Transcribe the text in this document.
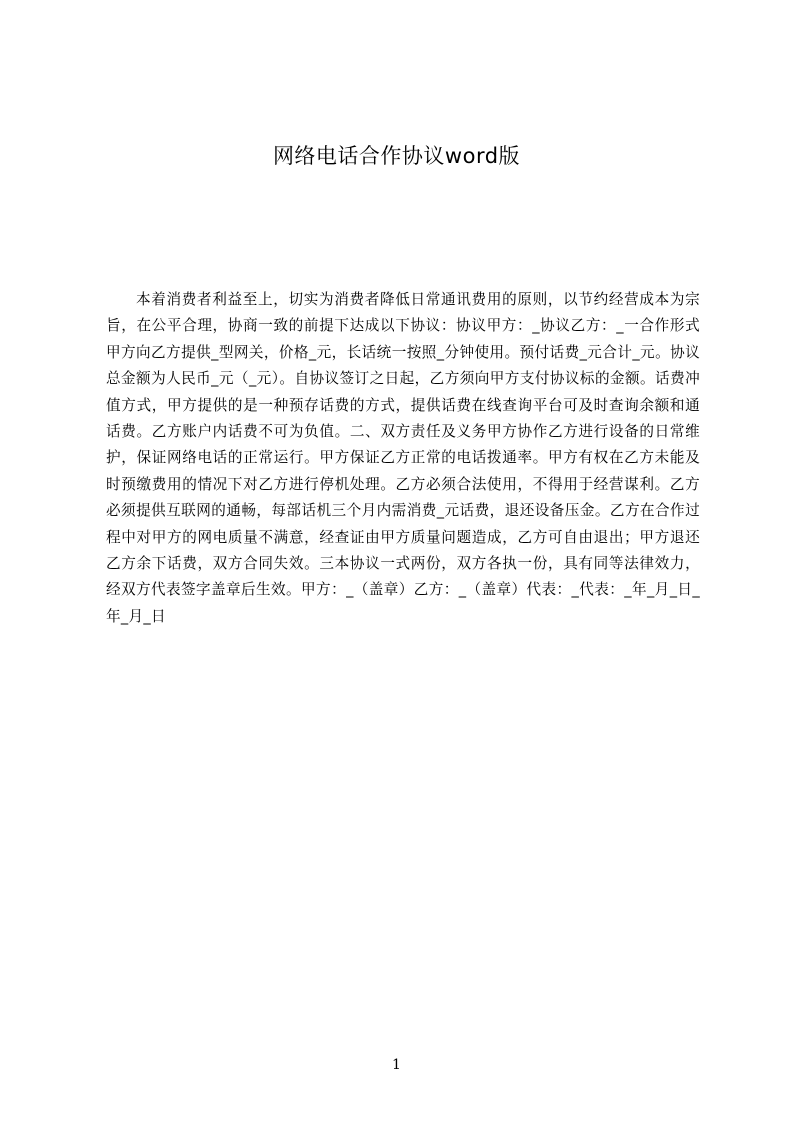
网络电话合作协议word版

本着消费者利益至上，切实为消费者降低日常通讯费用的原则，以节约经营成本为宗旨，在公平合理，协商一致的前提下达成以下协议：协议甲方：_协议乙方：_一合作形式甲方向乙方提供_型网关，价格_元，长话统一按照_分钟使用。预付话费_元合计_元。协议总金额为人民币_元（_元）。自协议签订之日起，乙方须向甲方支付协议标的金额。话费冲值方式，甲方提供的是一种预存话费的方式，提供话费在线查询平台可及时查询余额和通话费。乙方账户内话费不可为负值。二、双方责任及义务甲方协作乙方进行设备的日常维护，保证网络电话的正常运行。甲方保证乙方正常的电话拨通率。甲方有权在乙方未能及时预缴费用的情况下对乙方进行停机处理。乙方必须合法使用，不得用于经营谋利。乙方必须提供互联网的通畅，每部话机三个月内需消费_元话费，退还设备压金。乙方在合作过程中对甲方的网电质量不满意，经查证由甲方质量问题造成，乙方可自由退出；甲方退还乙方余下话费，双方合同失效。三本协议一式两份，双方各执一份，具有同等法律效力，经双方代表签字盖章后生效。甲方：_（盖章）乙方：_（盖章）代表：_代表：_年_月_日_年_月_日

1
